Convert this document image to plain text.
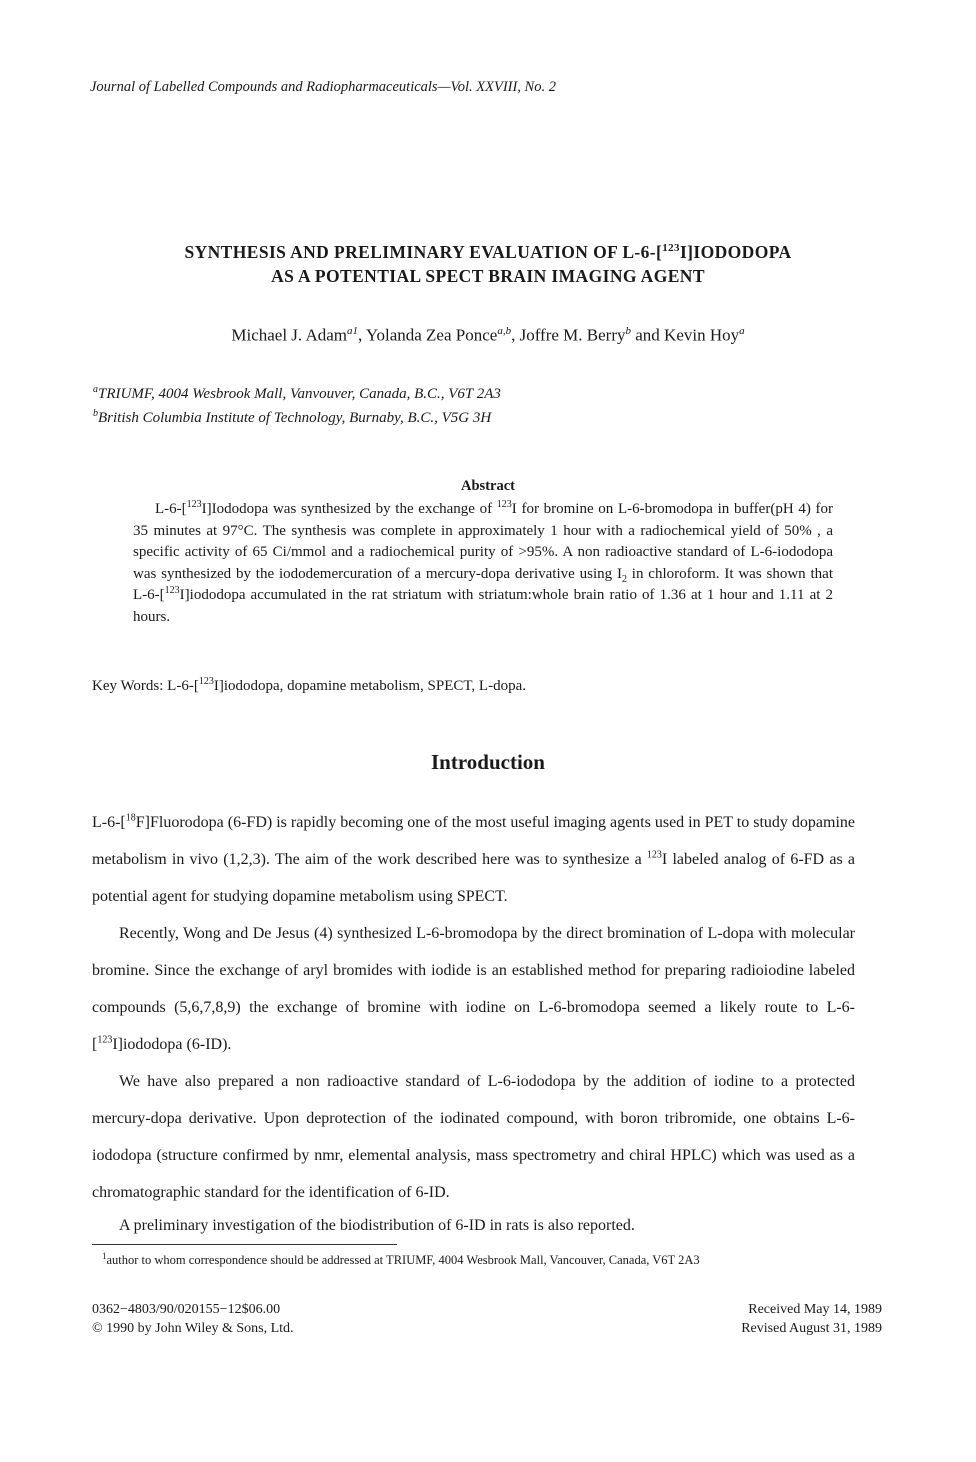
Journal of Labelled Compounds and Radiopharmaceuticals—Vol. XXVIII, No. 2
SYNTHESIS AND PRELIMINARY EVALUATION OF L-6-[$^{123}$I]IODODOPA
AS A POTENTIAL SPECT BRAIN IMAGING AGENT
Michael J. Adam$^{a1}$, Yolanda Zea Ponce$^{a,b}$, Joffre M. Berry$^b$ and Kevin Hoy$^a$
$^a$TRIUMF, 4004 Wesbrook Mall, Vanvouver, Canada, B.C., V6T 2A3
$^b$British Columbia Institute of Technology, Burnaby, B.C., V5G 3H
Abstract
L-6-[$^{123}$I]Iododopa was synthesized by the exchange of $^{123}$I for bromine on L-6-bromodopa in buffer(pH 4) for 35 minutes at 97°C. The synthesis was complete in approximately 1 hour with a radiochemical yield of 50% , a specific activity of 65 Ci/mmol and a radiochemical purity of >95%. A non radioactive standard of L-6-iododopa was synthesized by the iododemercuration of a mercury-dopa derivative using $I_2$ in chloroform. It was shown that L-6-[$^{123}$I]iododopa accumulated in the rat striatum with striatum:whole brain ratio of 1.36 at 1 hour and 1.11 at 2 hours.
Key Words: L-6-[$^{123}$I]iododopa, dopamine metabolism, SPECT, L-dopa.
Introduction
L-6-[$^{18}$F]Fluorodopa (6-FD) is rapidly becoming one of the most useful imaging agents used in PET to study dopamine metabolism in vivo (1,2,3). The aim of the work described here was to synthesize a $^{123}$I labeled analog of 6-FD as a potential agent for studying dopamine metabolism using SPECT.
Recently, Wong and De Jesus (4) synthesized L-6-bromodopa by the direct bromination of L-dopa with molecular bromine. Since the exchange of aryl bromides with iodide is an established method for preparing radioiodine labeled compounds (5,6,7,8,9) the exchange of bromine with iodine on L-6-bromodopa seemed a likely route to L-6-[$^{123}$I]iododopa (6-ID).
We have also prepared a non radioactive standard of L-6-iododopa by the addition of iodine to a protected mercury-dopa derivative. Upon deprotection of the iodinated compound, with boron tribromide, one obtains L-6-iododopa (structure confirmed by nmr, elemental analysis, mass spectrometry and chiral HPLC) which was used as a chromatographic standard for the identification of 6-ID.
A preliminary investigation of the biodistribution of 6-ID in rats is also reported.
$^1$author to whom correspondence should be addressed at TRIUMF, 4004 Wesbrook Mall, Vancouver, Canada, V6T 2A3
0362−4803/90/020155−12$06.00
© 1990 by John Wiley & Sons, Ltd.
Received May 14, 1989
Revised August 31, 1989
